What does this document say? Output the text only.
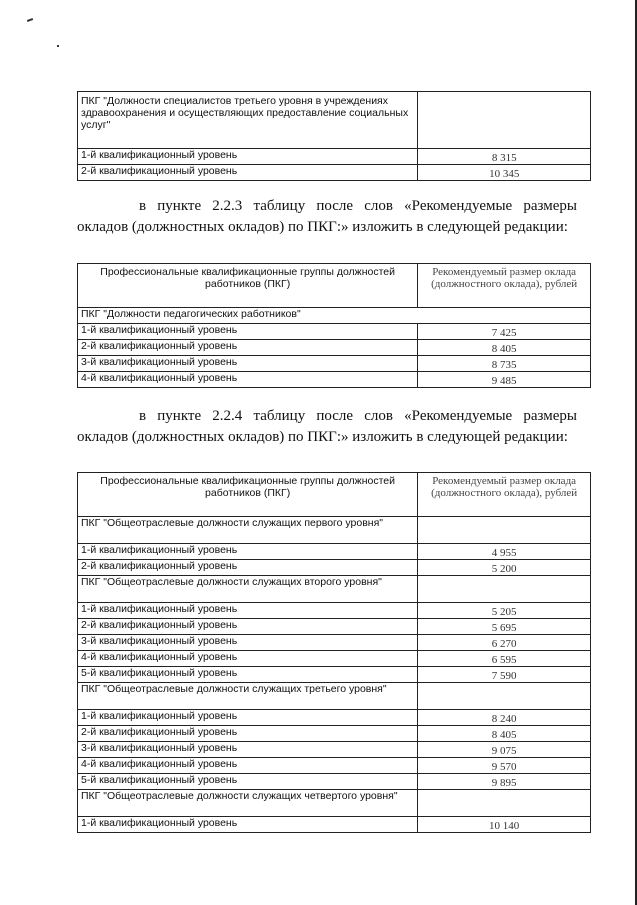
ПКГ "Должности специалистов третьего уровня в учреждениях здравоохранения и осуществляющих предоставление социальных услуг"	
1-й квалификационный уровень	8 315
2-й квалификационный уровень	10 345
в пункте 2.2.3 таблицу после слов «Рекомендуемые размеры окладов (должностных окладов) по ПКГ:» изложить в следующей редакции:
Профессиональные квалификационные группы должностей работников (ПКГ)	Рекомендуемый размер оклада (должностного оклада), рублей
ПКГ "Должности педагогических работников"	
1-й квалификационный уровень	7 425
2-й квалификационный уровень	8 405
3-й квалификационный уровень	8 735
4-й квалификационный уровень	9 485
в пункте 2.2.4 таблицу после слов «Рекомендуемые размеры окладов (должностных окладов) по ПКГ:» изложить в следующей редакции:
Профессиональные квалификационные группы должностей работников (ПКГ)	Рекомендуемый размер оклада (должностного оклада), рублей
ПКГ "Общеотраслевые должности служащих первого уровня"	
1-й квалификационный уровень	4 955
2-й квалификационный уровень	5 200
ПКГ "Общеотраслевые должности служащих второго уровня"	
1-й квалификационный уровень	5 205
2-й квалификационный уровень	5 695
3-й квалификационный уровень	6 270
4-й квалификационный уровень	6 595
5-й квалификационный уровень	7 590
ПКГ "Общеотраслевые должности служащих третьего уровня"	
1-й квалификационный уровень	8 240
2-й квалификационный уровень	8 405
3-й квалификационный уровень	9 075
4-й квалификационный уровень	9 570
5-й квалификационный уровень	9 895
ПКГ "Общеотраслевые должности служащих четвертого уровня"	
1-й квалификационный уровень	10 140
